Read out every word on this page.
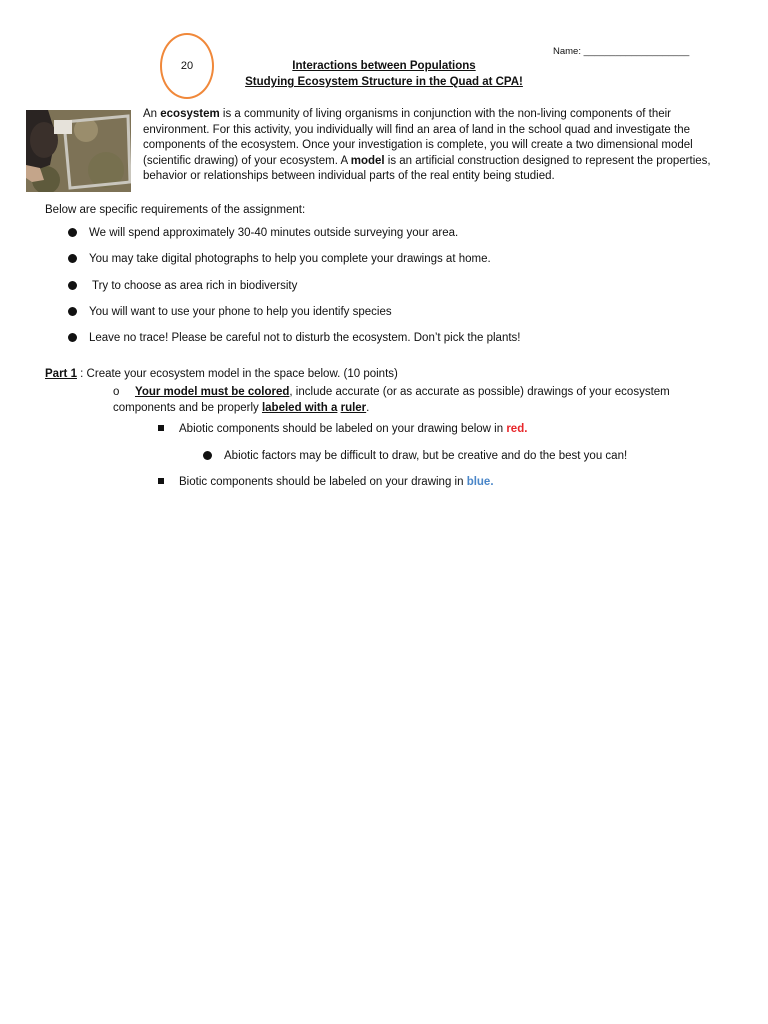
20
Name: ____________________
Interactions between Populations
Studying Ecosystem Structure in the Quad at CPA!
An ecosystem is a community of living organisms in conjunction with the non-living components of their environment. For this activity, you individually will find an area of land in the school quad and investigate the components of the ecosystem. Once your investigation is complete, you will create a two dimensional model (scientific drawing) of your ecosystem. A model is an artificial construction designed to represent the properties, behavior or relationships between individual parts of the real entity being studied.
Below are specific requirements of the assignment:
We will spend approximately 30-40 minutes outside surveying your area.
You may take digital photographs to help you complete your drawings at home.
Try to choose as area rich in biodiversity
You will want to use your phone to help you identify species
Leave no trace! Please be careful not to disturb the ecosystem. Don’t pick the plants!
Part 1 : Create your ecosystem model in the space below. (10 points)
o Your model must be colored, include accurate (or as accurate as possible) drawings of your ecosystem components and be properly labeled with a ruler.
Abiotic components should be labeled on your drawing below in red.
Abiotic factors may be difficult to draw, but be creative and do the best you can!
Biotic components should be labeled on your drawing in blue.
